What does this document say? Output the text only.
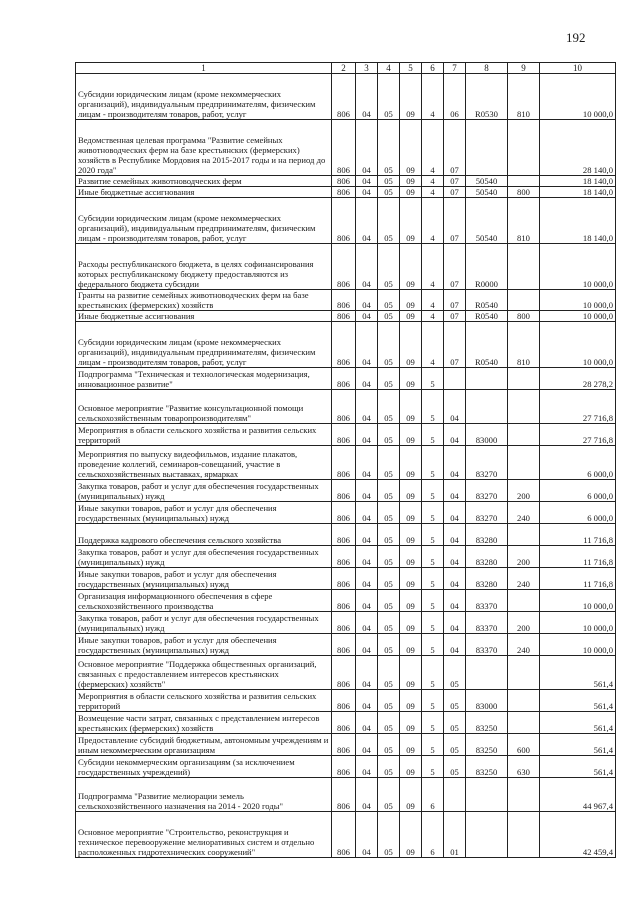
192
1	2	3	4	5	6	7	8	9	10
Субсидии юридическим лицам (кроме некоммерческих организаций), индивидуальным предпринимателям, физическим лицам - производителям товаров, работ, услуг	806	04	05	09	4	06	R0530	810	10 000,0
Ведомственная целевая программа "Развитие семейных животноводческих ферм на базе крестьянских (фермерских) хозяйств в Республике Мордовия на 2015-2017 годы и на период до 2020 года"	806	04	05	09	4	07			28 140,0
Развитие семейных животноводческих ферм	806	04	05	09	4	07	50540		18 140,0
Иные бюджетные ассигнования	806	04	05	09	4	07	50540	800	18 140,0
Субсидии юридическим лицам (кроме некоммерческих организаций), индивидуальным предпринимателям, физическим лицам - производителям товаров, работ, услуг	806	04	05	09	4	07	50540	810	18 140,0
Расходы республиканского бюджета, в целях софинансирования которых республиканскому бюджету предоставляются из федерального бюджета субсидии	806	04	05	09	4	07	R0000		10 000,0
Гранты на развитие семейных животноводческих ферм на базе крестьянских (фермерских) хозяйств	806	04	05	09	4	07	R0540		10 000,0
Иные бюджетные ассигнования	806	04	05	09	4	07	R0540	800	10 000,0
Субсидии юридическим лицам (кроме некоммерческих организаций), индивидуальным предпринимателям, физическим лицам - производителям товаров, работ, услуг	806	04	05	09	4	07	R0540	810	10 000,0
Подпрограмма "Техническая и технологическая модернизация, инновационное развитие"	806	04	05	09	5				28 278,2
Основное мероприятие "Развитие консультационной помощи сельскохозяйственным товаропроизводителям"	806	04	05	09	5	04			27 716,8
Мероприятия в области сельского хозяйства и развития сельских территорий	806	04	05	09	5	04	83000		27 716,8
Мероприятия по выпуску видеофильмов, издание плакатов, проведение коллегий, семинаров-совещаний, участие в сельскохозяйственных выставках, ярмарках	806	04	05	09	5	04	83270		6 000,0
Закупка товаров, работ и услуг для обеспечения государственных (муниципальных) нужд	806	04	05	09	5	04	83270	200	6 000,0
Иные закупки товаров, работ и услуг для обеспечения государственных (муниципальных) нужд	806	04	05	09	5	04	83270	240	6 000,0
Поддержка кадрового обеспечения сельского хозяйства	806	04	05	09	5	04	83280		11 716,8
Закупка товаров, работ и услуг для обеспечения государственных (муниципальных) нужд	806	04	05	09	5	04	83280	200	11 716,8
Иные закупки товаров, работ и услуг для обеспечения государственных (муниципальных) нужд	806	04	05	09	5	04	83280	240	11 716,8
Организация информационного обеспечения в сфере сельскохозяйственного производства	806	04	05	09	5	04	83370		10 000,0
Закупка товаров, работ и услуг для обеспечения государственных (муниципальных) нужд	806	04	05	09	5	04	83370	200	10 000,0
Иные закупки товаров, работ и услуг для обеспечения государственных (муниципальных) нужд	806	04	05	09	5	04	83370	240	10 000,0
Основное мероприятие "Поддержка общественных организаций, связанных с предоставлением интересов крестьянских (фермерских) хозяйств"	806	04	05	09	5	05			561,4
Мероприятия в области сельского хозяйства и развития сельских территорий	806	04	05	09	5	05	83000		561,4
Возмещение части затрат, связанных с представлением интересов крестьянских (фермерских) хозяйств	806	04	05	09	5	05	83250		561,4
Предоставление субсидий бюджетным, автономным учреждениям и иным некоммерческим организациям	806	04	05	09	5	05	83250	600	561,4
Субсидии некоммерческим организациям (за исключением государственных учреждений)	806	04	05	09	5	05	83250	630	561,4
Подпрограмма "Развитие мелиорации земель сельскохозяйственного назначения на 2014 - 2020 годы"	806	04	05	09	6				44 967,4
Основное мероприятие "Строительство, реконструкция и техническое перевооружение мелиоративных систем и отдельно расположенных гидротехнических сооружений"	806	04	05	09	6	01			42 459,4
